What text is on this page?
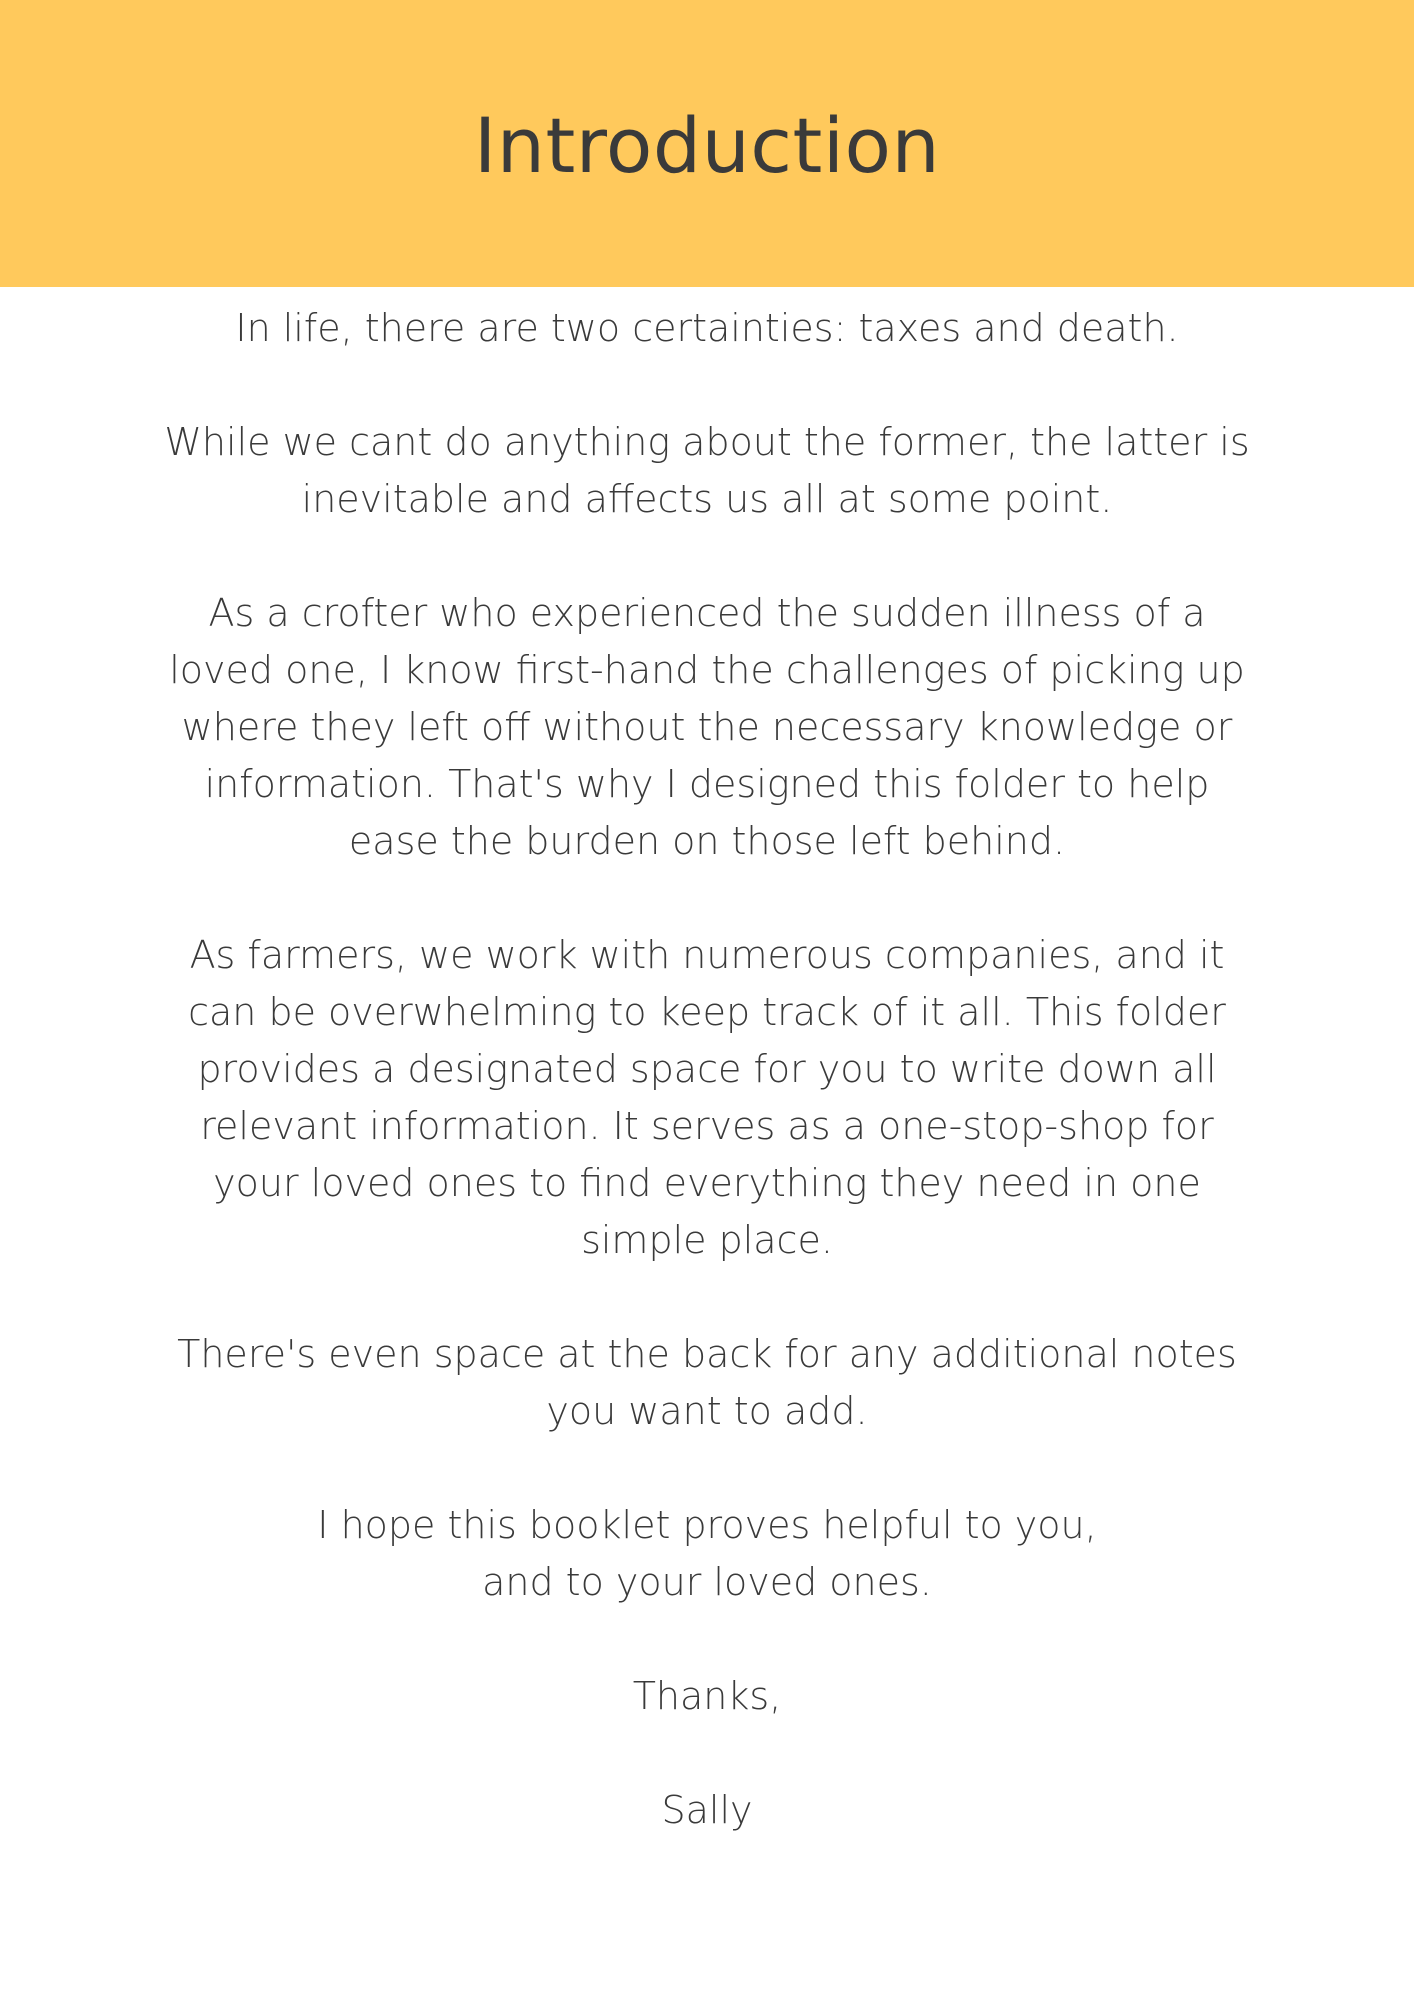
Introduction

In life, there are two certainties: taxes and death.

While we cant do anything about the former, the latter is
inevitable and affects us all at some point.

As a crofter who experienced the sudden illness of a
loved one, I know first-hand the challenges of picking up
where they left off without the necessary knowledge or
information. That's why I designed this folder to help
ease the burden on those left behind.

As farmers, we work with numerous companies, and it
can be overwhelming to keep track of it all. This folder
provides a designated space for you to write down all
relevant information. It serves as a one-stop-shop for
your loved ones to find everything they need in one
simple place.

There's even space at the back for any additional notes
you want to add.

I hope this booklet proves helpful to you,
and to your loved ones.

Thanks,

Sally
